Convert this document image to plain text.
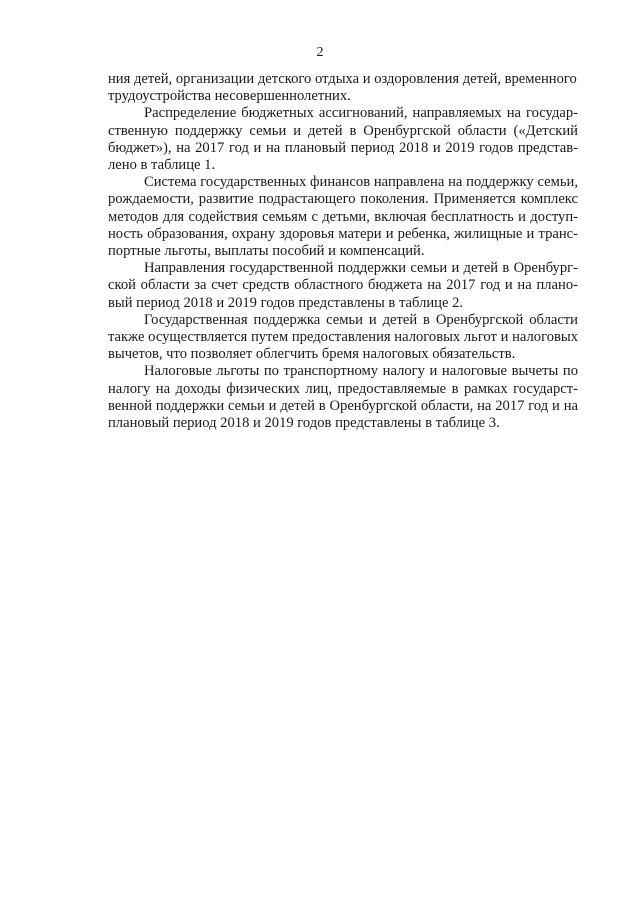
2

ния детей, организации детского отдыха и оздоровления детей, временного
трудоустройства несовершеннолетних.

Распределение бюджетных ассигнований, направляемых на государ-
ственную поддержку семьи и детей в Оренбургской области («Детский
бюджет»), на 2017 год и на плановый период 2018 и 2019 годов представ-
лено в таблице 1.

Система государственных финансов направлена на поддержку семьи,
рождаемости, развитие подрастающего поколения. Применяется комплекс
методов для содействия семьям с детьми, включая бесплатность и доступ-
ность образования, охрану здоровья матери и ребенка, жилищные и транс-
портные льготы, выплаты пособий и компенсаций.

Направления государственной поддержки семьи и детей в Оренбург-
ской области за счет средств областного бюджета на 2017 год и на плано-
вый период 2018 и 2019 годов представлены в таблице 2.

Государственная поддержка семьи и детей в Оренбургской области
также осуществляется путем предоставления налоговых льгот и налоговых
вычетов, что позволяет облегчить бремя налоговых обязательств.

Налоговые льготы по транспортному налогу и налоговые вычеты по
налогу на доходы физических лиц, предоставляемые в рамках государст-
венной поддержки семьи и детей в Оренбургской области, на 2017 год и на
плановый период 2018 и 2019 годов представлены в таблице 3.
